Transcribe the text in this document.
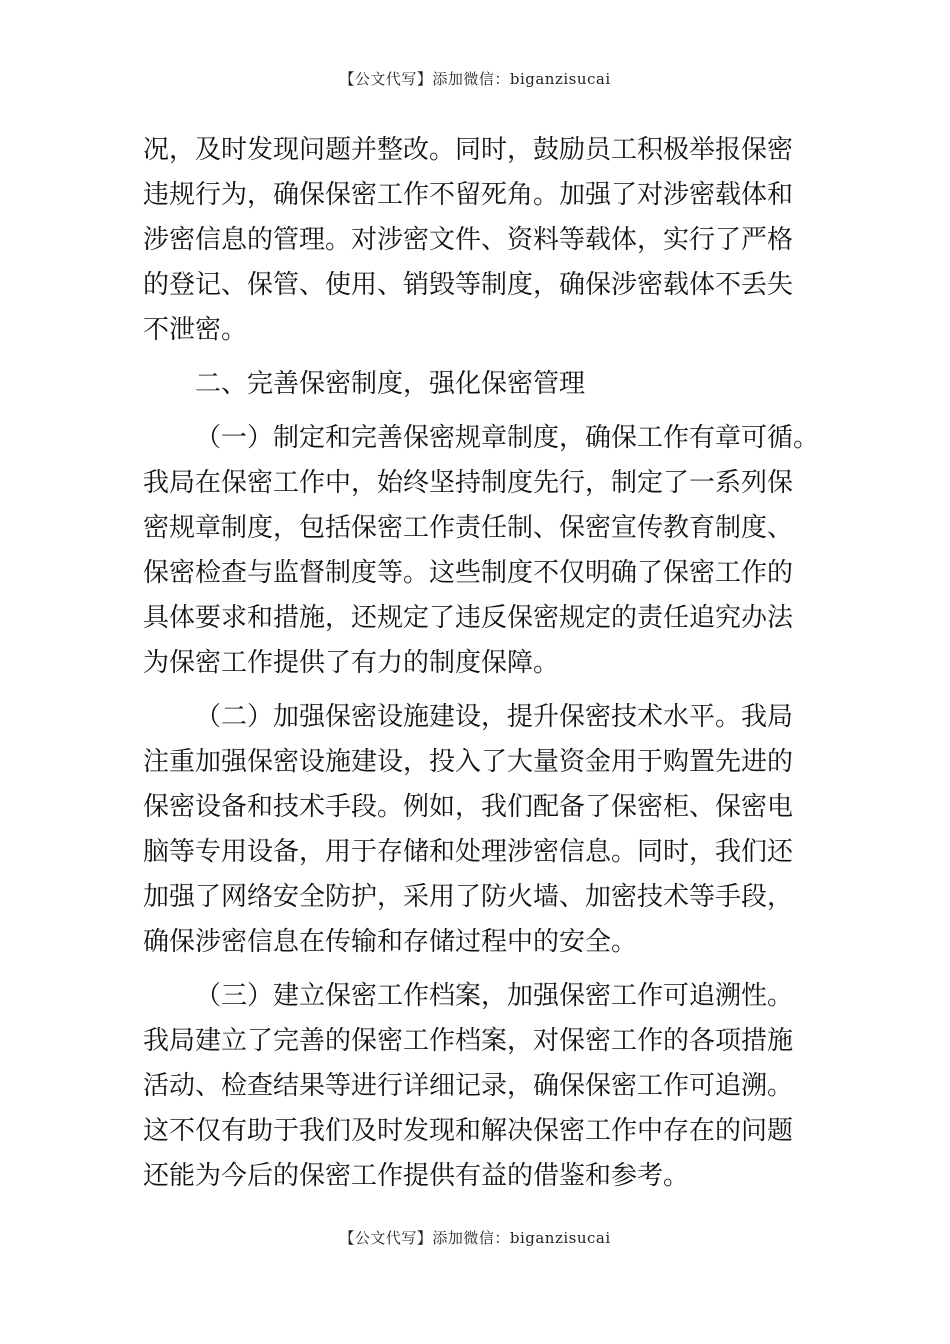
【公文代写】添加微信：biganzisucai
况，及时发现问题并整改。同时，鼓励员工积极举报保密
违规行为，确保保密工作不留死角。加强了对涉密载体和
涉密信息的管理。对涉密文件、资料等载体，实行了严格
的登记、保管、使用、销毁等制度，确保涉密载体不丢失
不泄密。
二、完善保密制度，强化保密管理
（一）制定和完善保密规章制度，确保工作有章可循。
我局在保密工作中，始终坚持制度先行，制定了一系列保
密规章制度，包括保密工作责任制、保密宣传教育制度、
保密检查与监督制度等。这些制度不仅明确了保密工作的
具体要求和措施，还规定了违反保密规定的责任追究办法
为保密工作提供了有力的制度保障。
（二）加强保密设施建设，提升保密技术水平。我局
注重加强保密设施建设，投入了大量资金用于购置先进的
保密设备和技术手段。例如，我们配备了保密柜、保密电
脑等专用设备，用于存储和处理涉密信息。同时，我们还
加强了网络安全防护，采用了防火墙、加密技术等手段，
确保涉密信息在传输和存储过程中的安全。
（三）建立保密工作档案，加强保密工作可追溯性。
我局建立了完善的保密工作档案，对保密工作的各项措施
活动、检查结果等进行详细记录，确保保密工作可追溯。
这不仅有助于我们及时发现和解决保密工作中存在的问题
还能为今后的保密工作提供有益的借鉴和参考。
【公文代写】添加微信：biganzisucai
